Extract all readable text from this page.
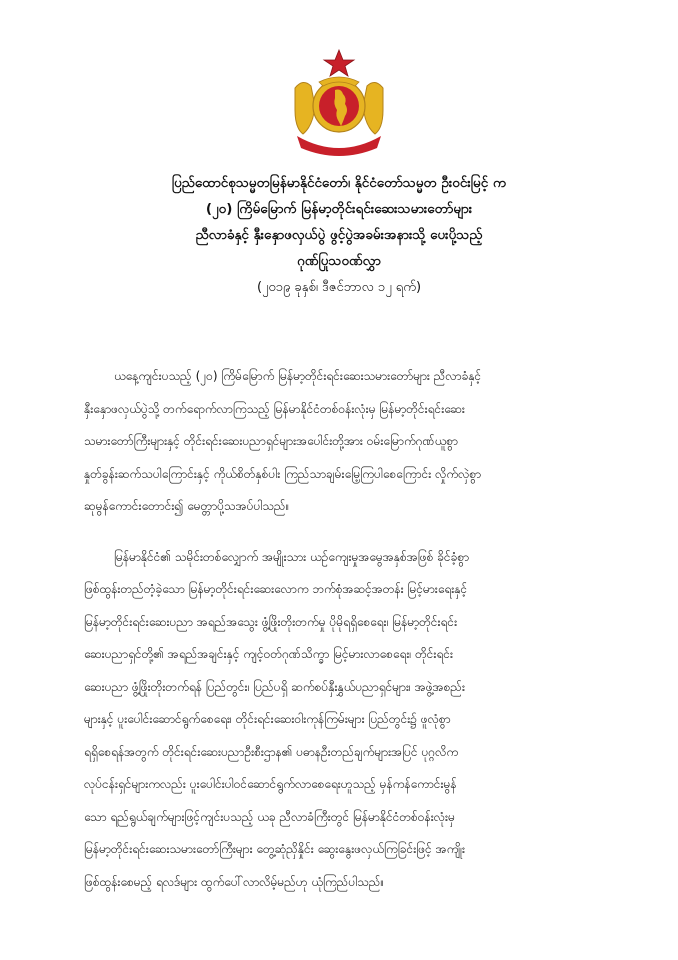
ပြည်ထောင်စုသမ္မတမြန်မာနိုင်ငံတော်၊ နိုင်ငံတော်သမ္မတ ဦးဝင်းမြင့် က
(၂၀) ကြိမ်မြောက် မြန်မာ့တိုင်းရင်းဆေးသမားတော်များ
ညီလာခံနှင့် နှီးနှောဖလှယ်ပွဲ ဖွင့်ပွဲအခမ်းအနားသို့ ပေးပို့သည့်
ဂုဏ်ပြုသဝဏ်လွှာ
(၂၀၁၉ ခုနှစ်၊ ဒီဇင်ဘာလ ၁၂ ရက်)
ယနေ့ကျင်းပသည့် (၂၀) ကြိမ်မြောက် မြန်မာ့တိုင်းရင်းဆေးသမားတော်များ ညီလာခံနှင့်
နှီးနှောဖလှယ်ပွဲသို့ တက်ရောက်လာကြသည့် မြန်မာနိုင်ငံတစ်ဝန်းလုံးမှ မြန်မာ့တိုင်းရင်းဆေး
သမားတော်ကြီးများနှင့် တိုင်းရင်းဆေးပညာရှင်များအပေါင်းတို့အား ဝမ်းမြောက်ဂုဏ်ယူစွာ
နှုတ်ခွန်းဆက်သပါကြောင်းနှင့် ကိုယ်စိတ်နှစ်ပါး ကြည်သာချမ်းမြေ့ကြပါစေကြောင်း လှိုက်လှဲစွာ
ဆုမွန်ကောင်းတောင်း၍ မေတ္တာပို့သအပ်ပါသည်။
မြန်မာနိုင်ငံ၏ သမိုင်းတစ်လျှောက် အမျိုးသား ယဉ်ကျေးမှုအမွေအနှစ်အဖြစ် ခိုင်ခံ့စွာ
ဖြစ်ထွန်းတည်တံ့ခဲ့သော မြန်မာ့တိုင်းရင်းဆေးလောက ဘက်စုံအဆင့်အတန်း မြင့်မားရေးနှင့်
မြန်မာ့တိုင်းရင်းဆေးပညာ အရည်အသွေး ဖွံ့ဖြိုးတိုးတက်မှု ပိုမိုရရှိစေရေး၊ မြန်မာ့တိုင်းရင်း
ဆေးပညာရှင်တို့၏ အရည်အချင်းနှင့် ကျင့်ဝတ်ဂုဏ်သိက္ခာ မြင့်မားလာစေရေး၊ တိုင်းရင်း
ဆေးပညာ ဖွံ့ဖြိုးတိုးတက်ရန် ပြည်တွင်း၊ ပြည်ပရှိ ဆက်စပ်နှီးနွှယ်ပညာရှင်များ၊ အဖွဲ့အစည်း
များနှင့် ပူးပေါင်းဆောင်ရွက်စေရေး၊ တိုင်းရင်းဆေးဝါးကုန်ကြမ်းများ ပြည်တွင်း၌ ဖူလုံစွာ
ရရှိစေရန်အတွက် တိုင်းရင်းဆေးပညာဦးစီးဌာန၏ ပဓာနဦးတည်ချက်များအပြင် ပုဂ္ဂလိက
လုပ်ငန်းရှင်များကလည်း ပူးပေါင်းပါဝင်ဆောင်ရွက်လာစေရေးဟူသည့် မှန်ကန်ကောင်းမွန်
သော ရည်ရွယ်ချက်များဖြင့်ကျင်းပသည့် ယခု ညီလာခံကြီးတွင် မြန်မာနိုင်ငံတစ်ဝန်းလုံးမှ
မြန်မာ့တိုင်းရင်းဆေးသမားတော်ကြီးများ တွေ့ဆုံညှိနှိုင်း ဆွေးနွေးဖလှယ်ကြခြင်းဖြင့် အကျိုး
ဖြစ်ထွန်းစေမည့် ရလဒ်များ ထွက်ပေါ်လာလိမ့်မည်ဟု ယုံကြည်ပါသည်။
